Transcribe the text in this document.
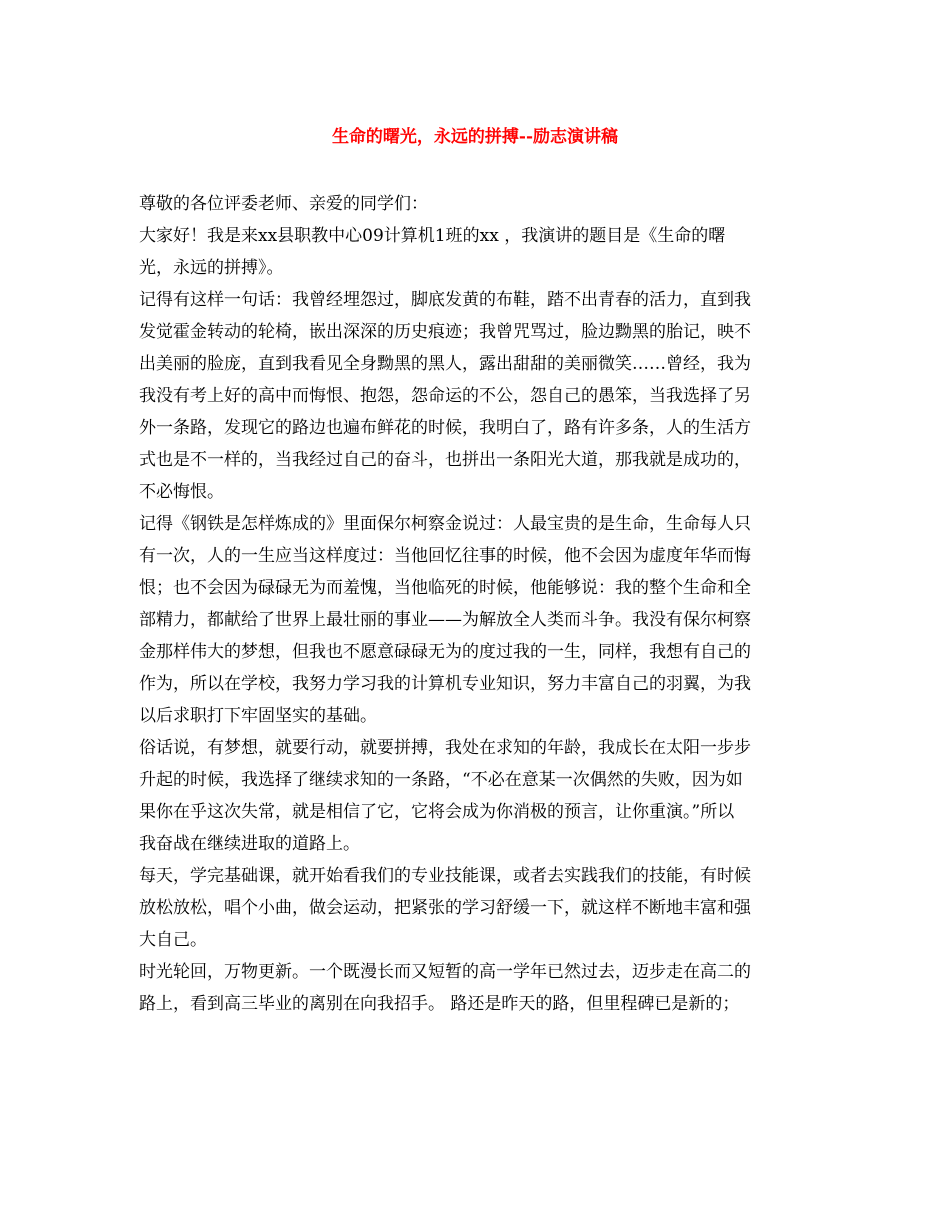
生命的曙光，永远的拼搏--励志演讲稿

尊敬的各位评委老师、亲爱的同学们：

大家好！我是来xx县职教中心09计算机1班的xx ，我演讲的题目是《生命的曙
光，永远的拼搏》。

记得有这样一句话：我曾经埋怨过，脚底发黄的布鞋，踏不出青春的活力，直到我
发觉霍金转动的轮椅，嵌出深深的历史痕迹；我曾咒骂过，脸边黝黑的胎记，映不
出美丽的脸庞，直到我看见全身黝黑的黑人，露出甜甜的美丽微笑……曾经，我为
我没有考上好的高中而悔恨、抱怨，怨命运的不公，怨自己的愚笨，当我选择了另
外一条路，发现它的路边也遍布鲜花的时候，我明白了，路有许多条，人的生活方
式也是不一样的，当我经过自己的奋斗，也拼出一条阳光大道，那我就是成功的，
不必悔恨。

记得《钢铁是怎样炼成的》里面保尔柯察金说过：人最宝贵的是生命，生命每人只
有一次，人的一生应当这样度过：当他回忆往事的时候，他不会因为虚度年华而悔
恨；也不会因为碌碌无为而羞愧，当他临死的时候，他能够说：我的整个生命和全
部精力，都献给了世界上最壮丽的事业——为解放全人类而斗争。我没有保尔柯察
金那样伟大的梦想，但我也不愿意碌碌无为的度过我的一生，同样，我想有自己的
作为，所以在学校，我努力学习我的计算机专业知识，努力丰富自己的羽翼，为我
以后求职打下牢固坚实的基础。

俗话说，有梦想，就要行动，就要拼搏，我处在求知的年龄，我成长在太阳一步步
升起的时候，我选择了继续求知的一条路，“不必在意某一次偶然的失败，因为如
果你在乎这次失常，就是相信了它，它将会成为你消极的预言，让你重演。”所以
我奋战在继续进取的道路上。

每天，学完基础课，就开始看我们的专业技能课，或者去实践我们的技能，有时候
放松放松，唱个小曲，做会运动，把紧张的学习舒缓一下，就这样不断地丰富和强
大自己。

时光轮回，万物更新。一个既漫长而又短暂的高一学年已然过去，迈步走在高二的
路上，看到高三毕业的离别在向我招手。 路还是昨天的路，但里程碑已是新的；
